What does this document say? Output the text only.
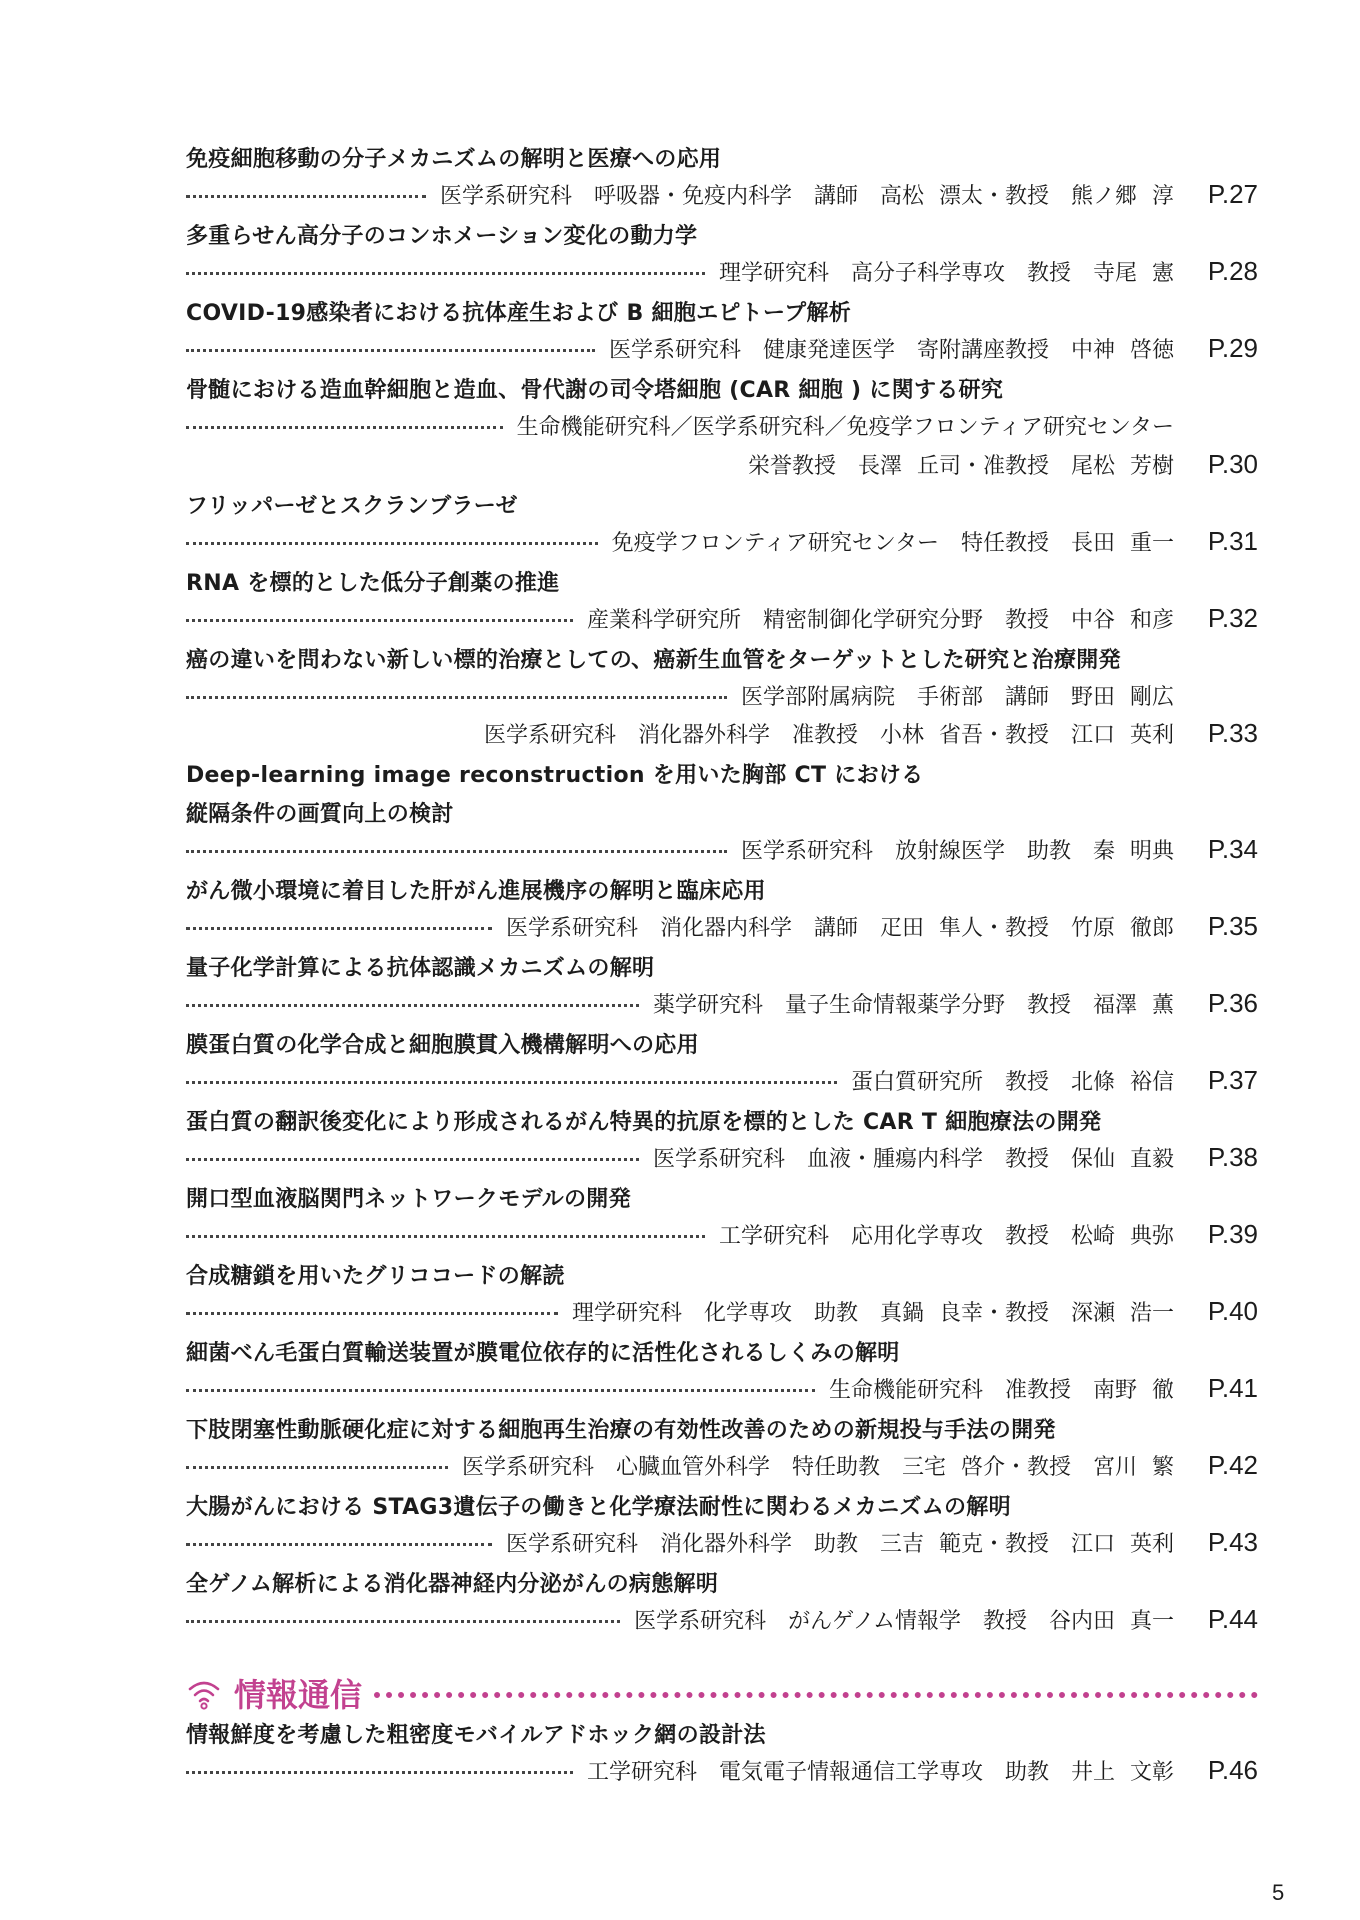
免疫細胞移動の分子メカニズムの解明と医療への応用
医学系研究科　呼吸器・免疫内科学　講師　高松 漂太・教授　熊ノ郷 淳	P.27
多重らせん高分子のコンホメーション変化の動力学
理学研究科　高分子科学専攻　教授　寺尾 憲	P.28
COVID-19感染者における抗体産生および B 細胞エピトープ解析
医学系研究科　健康発達医学　寄附講座教授　中神 啓徳	P.29
骨髄における造血幹細胞と造血、骨代謝の司令塔細胞 (CAR 細胞 ) に関する研究
生命機能研究科／医学系研究科／免疫学フロンティア研究センター
栄誉教授　長澤 丘司・准教授　尾松 芳樹	P.30
フリッパーゼとスクランブラーゼ
免疫学フロンティア研究センター　特任教授　長田 重一	P.31
RNA を標的とした低分子創薬の推進
産業科学研究所　精密制御化学研究分野　教授　中谷 和彦	P.32
癌の違いを問わない新しい標的治療としての、癌新生血管をターゲットとした研究と治療開発
医学部附属病院　手術部　講師　野田 剛広
医学系研究科　消化器外科学　准教授　小林 省吾・教授　江口 英利	P.33
Deep-learning image reconstruction を用いた胸部 CT における
縦隔条件の画質向上の検討
医学系研究科　放射線医学　助教　秦 明典	P.34
がん微小環境に着目した肝がん進展機序の解明と臨床応用
医学系研究科　消化器内科学　講師　疋田 隼人・教授　竹原 徹郎	P.35
量子化学計算による抗体認識メカニズムの解明
薬学研究科　量子生命情報薬学分野　教授　福澤 薫	P.36
膜蛋白質の化学合成と細胞膜貫入機構解明への応用
蛋白質研究所　教授　北條 裕信	P.37
蛋白質の翻訳後変化により形成されるがん特異的抗原を標的とした CAR T 細胞療法の開発
医学系研究科　血液・腫瘍内科学　教授　保仙 直毅	P.38
開口型血液脳関門ネットワークモデルの開発
工学研究科　応用化学専攻　教授　松崎 典弥	P.39
合成糖鎖を用いたグリココードの解読
理学研究科　化学専攻　助教　真鍋 良幸・教授　深瀬 浩一	P.40
細菌べん毛蛋白質輸送装置が膜電位依存的に活性化されるしくみの解明
生命機能研究科　准教授　南野 徹	P.41
下肢閉塞性動脈硬化症に対する細胞再生治療の有効性改善のための新規投与手法の開発
医学系研究科　心臓血管外科学　特任助教　三宅 啓介・教授　宮川 繁	P.42
大腸がんにおける STAG3遺伝子の働きと化学療法耐性に関わるメカニズムの解明
医学系研究科　消化器外科学　助教　三吉 範克・教授　江口 英利	P.43
全ゲノム解析による消化器神経内分泌がんの病態解明
医学系研究科　がんゲノム情報学　教授　谷内田 真一	P.44
情報鮮度を考慮した粗密度モバイルアドホック網の設計法
工学研究科　電気電子情報通信工学専攻　助教　井上 文彰	P.46
情報通信
5
